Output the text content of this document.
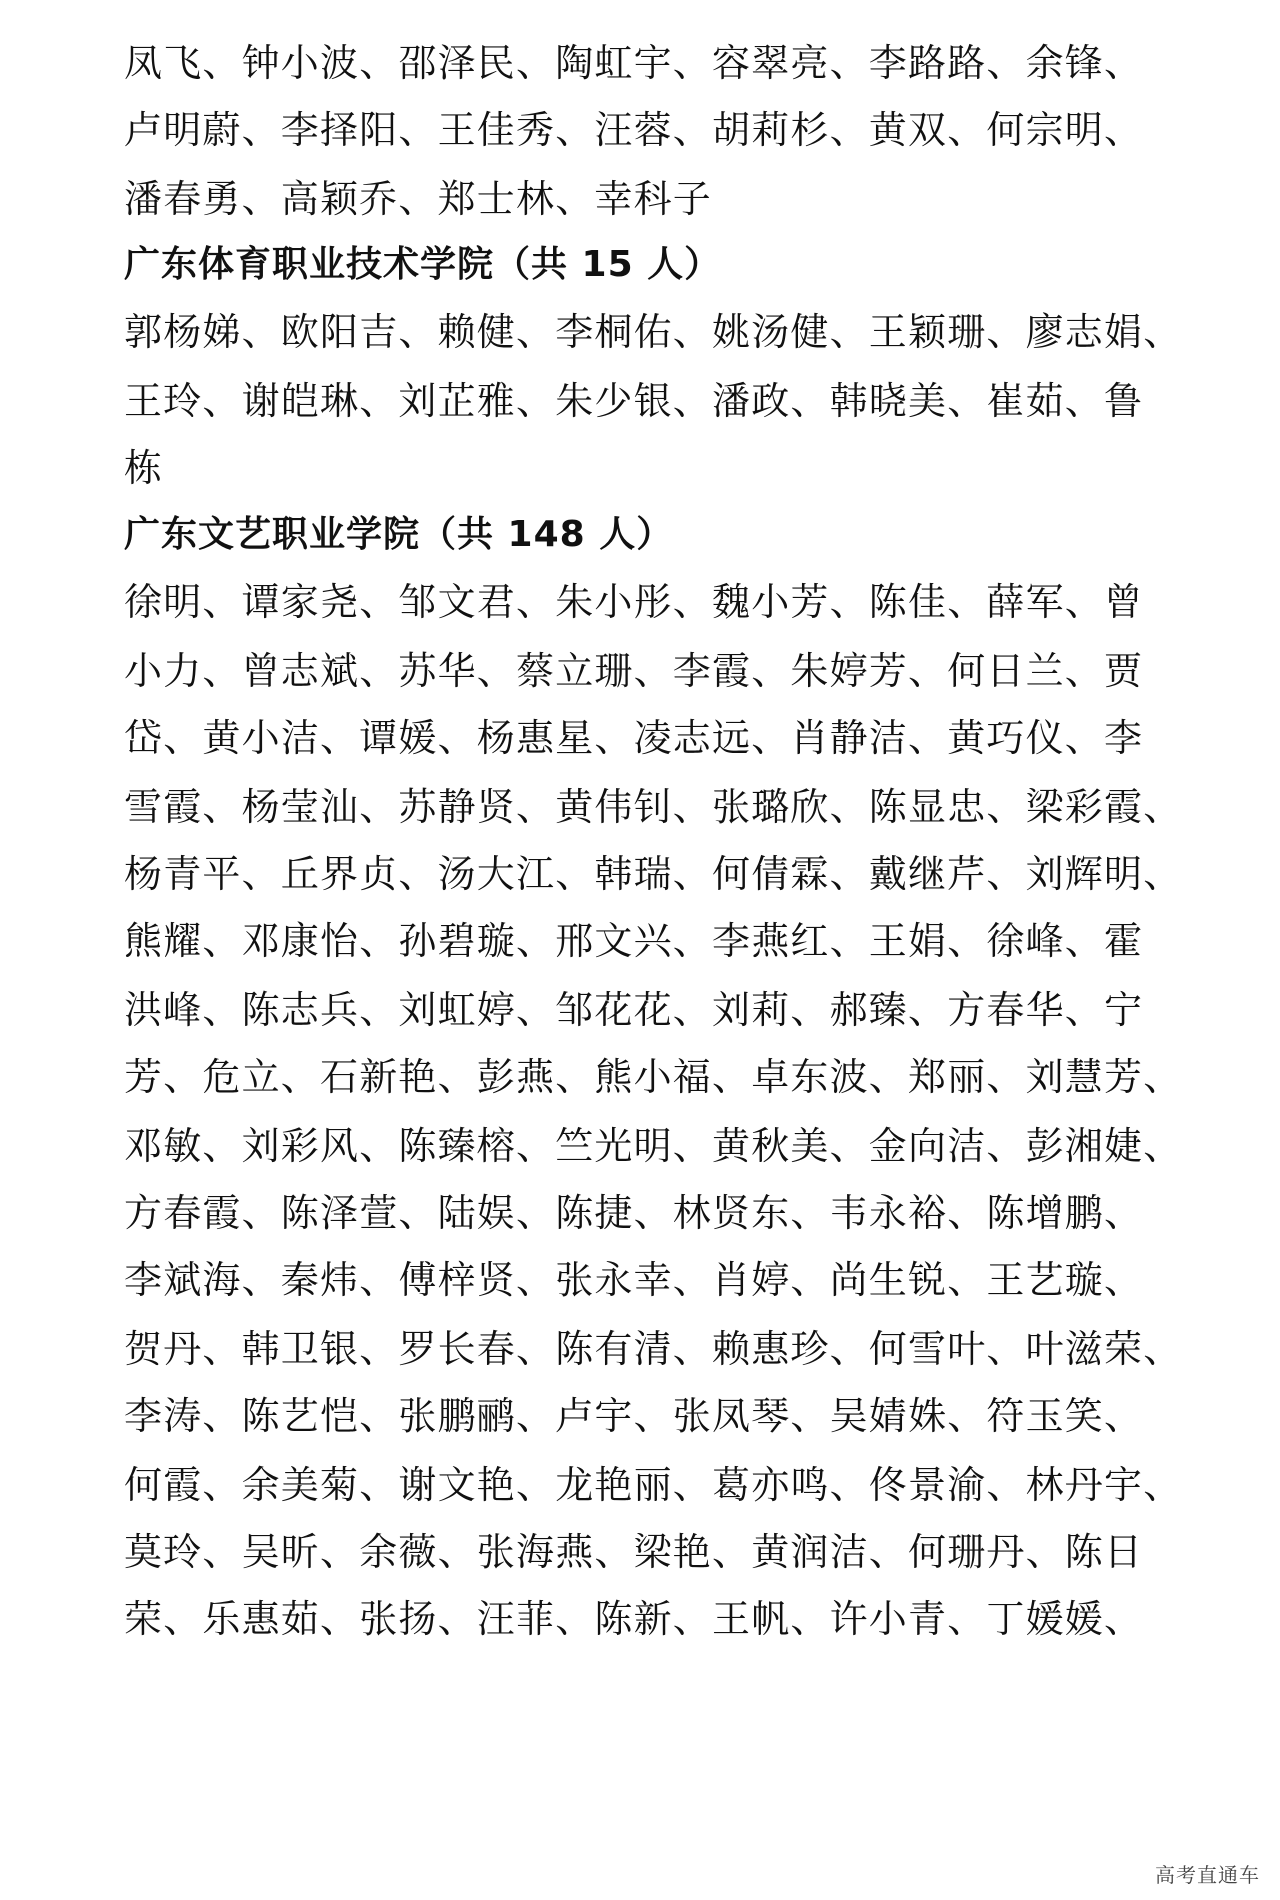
凤飞、钟小波、邵泽民、陶虹宇、容翠亮、李路路、余锋、
卢明蔚、李择阳、王佳秀、汪蓉、胡莉杉、黄双、何宗明、
潘春勇、高颖乔、郑士林、幸科子
广东体育职业技术学院（共 15 人）
郭杨娣、欧阳吉、赖健、李桐佑、姚汤健、王颖珊、廖志娟、
王玲、谢皑琳、刘芷雅、朱少银、潘政、韩晓美、崔茹、鲁
栋
广东文艺职业学院（共 148 人）
徐明、谭家尧、邹文君、朱小彤、魏小芳、陈佳、薛军、曾
小力、曾志斌、苏华、蔡立珊、李霞、朱婷芳、何日兰、贾
岱、黄小洁、谭媛、杨惠星、凌志远、肖静洁、黄巧仪、李
雪霞、杨莹汕、苏静贤、黄伟钊、张璐欣、陈显忠、梁彩霞、
杨青平、丘界贞、汤大江、韩瑞、何倩霖、戴继芹、刘辉明、
熊耀、邓康怡、孙碧璇、邢文兴、李燕红、王娟、徐峰、霍
洪峰、陈志兵、刘虹婷、邹花花、刘莉、郝臻、方春华、宁
芳、危立、石新艳、彭燕、熊小福、卓东波、郑丽、刘慧芳、
邓敏、刘彩风、陈臻榕、竺光明、黄秋美、金向洁、彭湘婕、
方春霞、陈泽萱、陆娱、陈捷、林贤东、韦永裕、陈增鹏、
李斌海、秦炜、傅梓贤、张永幸、肖婷、尚生锐、王艺璇、
贺丹、韩卫银、罗长春、陈有清、赖惠珍、何雪叶、叶滋荣、
李涛、陈艺恺、张鹏鹂、卢宇、张凤琴、吴婧姝、符玉笑、
何霞、余美菊、谢文艳、龙艳丽、葛亦鸣、佟景渝、林丹宇、
莫玲、吴昕、余薇、张海燕、梁艳、黄润洁、何珊丹、陈日
荣、乐惠茹、张扬、汪菲、陈新、王帆、许小青、丁媛媛、
高考直通车
